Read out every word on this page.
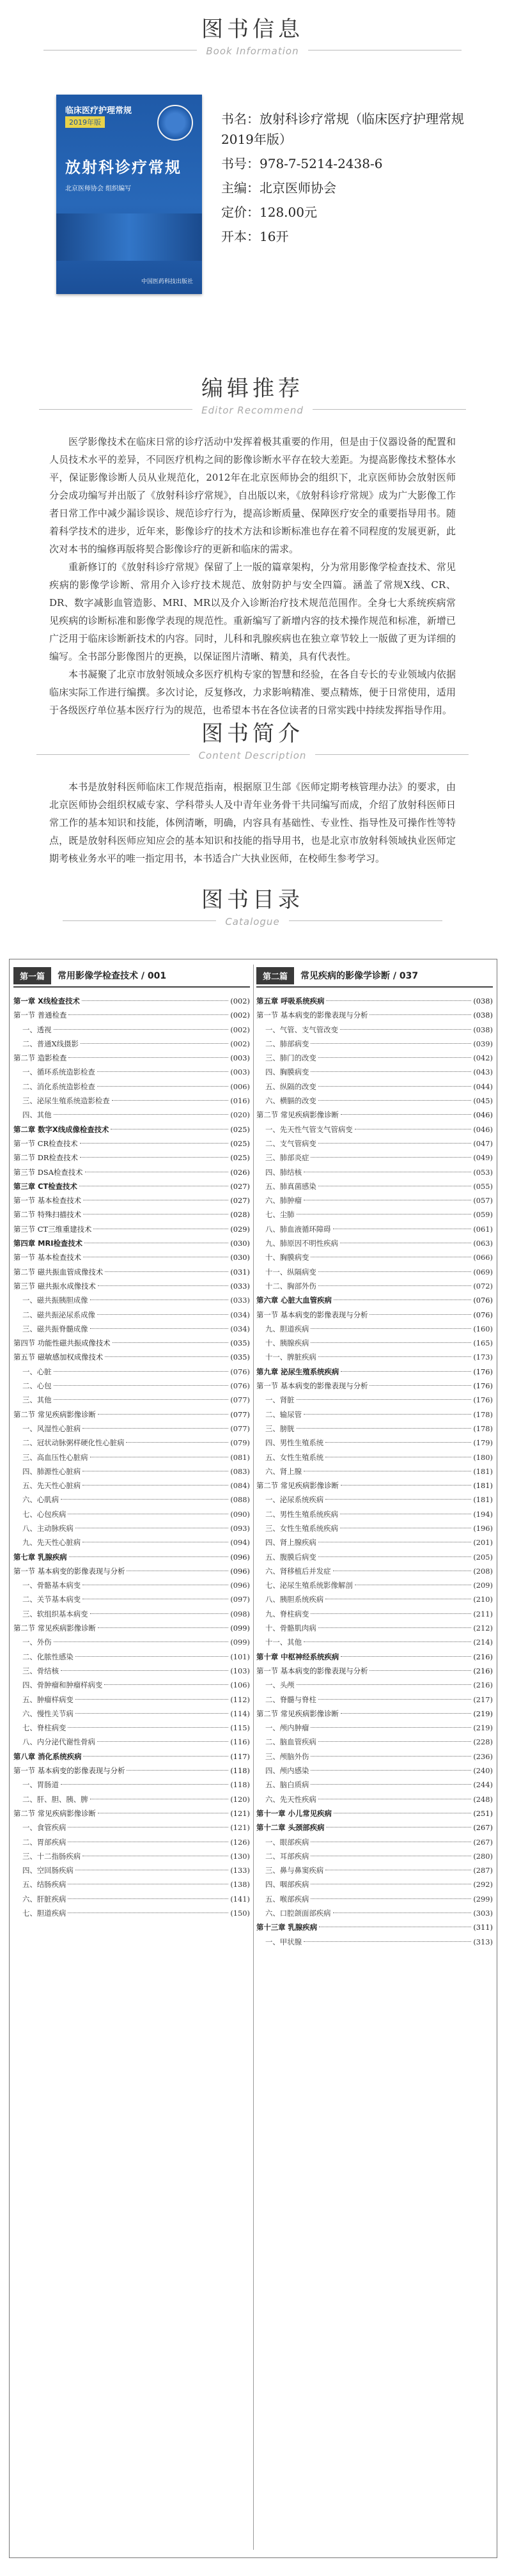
图书信息
Book Information
临床医疗护理常规
2019年版
放射科诊疗常规
北京医师协会 组织编写
中国医药科技出版社
书名：放射科诊疗常规（临床医疗护理常规 2019年版）
书号：978-7-5214-2438-6
主编：北京医师协会
定价：128.00元
开本：16开
编辑推荐
Editor Recommend

医学影像技术在临床日常的诊疗活动中发挥着极其重要的作用，但是由于仪器设备的配置和人员技术水平的差异，不同医疗机构之间的影像诊断水平存在较大差距。为提高影像技术整体水平，保证影像诊断人员从业规范化，2012年在北京医师协会的组织下，北京医师协会放射医师分会成功编写并出版了《放射科诊疗常规》，自出版以来，《放射科诊疗常规》成为广大影像工作者日常工作中减少漏诊误诊、规范诊疗行为，提高诊断质量、保障医疗安全的重要指导用书。随着科学技术的进步，近年来，影像诊疗的技术方法和诊断标准也存在着不同程度的发展更新，此次对本书的编修再版将契合影像诊疗的更新和临床的需求。

重新修订的《放射科诊疗常规》保留了上一版的篇章架构，分为常用影像学检查技术、常见疾病的影像学诊断、常用介入诊疗技术规范、放射防护与安全四篇。涵盖了常规X线、CR、DR、数字减影血管造影、MRI、MR以及介入诊断治疗技术规范范围作。全身七大系统疾病常见疾病的诊断标准和影像学表现的规范性。重新编写了新增内容的技术操作规范和标准，新增已广泛用于临床诊断新技术的内容。同时，儿科和乳腺疾病也在独立章节较上一版做了更为详细的编写。全书部分影像图片的更换，以保证图片清晰、精美，具有代表性。

本书凝聚了北京市放射领域众多医疗机构专家的智慧和经验，在各自专长的专业领域内依据临床实际工作进行编撰。多次讨论，反复修改，力求影响精准、要点精炼，便于日常使用，适用于各级医疗单位基本医疗行为的规范，也希望本书在各位读者的日常实践中持续发挥指导作用。

图书简介
Content Description

本书是放射科医师临床工作规范指南，根据原卫生部《医师定期考核管理办法》的要求，由北京医师协会组织权威专家、学科带头人及中青年业务骨干共同编写而成，介绍了放射科医师日常工作的基本知识和技能，体例清晰，明确，内容具有基础性、专业性、指导性及可操作性等特点，既是放射科医师应知应会的基本知识和技能的指导用书，也是北京市放射科领域执业医师定期考核业务水平的唯一指定用书，本书适合广大执业医师，在校师生参考学习。

图书目录
Catalogue
第一篇	常用影像学检查技术 / 001
第一章 X线检查技术	(002)
第一节 普通检查	(002)
一、透视	(002)
二、普通X线摄影	(002)
第二节 造影检查	(003)
一、循环系统造影检查	(003)
二、消化系统造影检查	(006)
三、泌尿生殖系统造影检查	(016)
四、其他	(020)
第二章 数字X线成像检查技术	(025)
第一节 CR检查技术	(025)
第二节 DR检查技术	(025)
第三节 DSA检查技术	(026)
第三章 CT检查技术	(027)
第一节 基本检查技术	(027)
第二节 特殊扫描技术	(028)
第三节 CT三维重建技术	(029)
第四章 MRI检查技术	(030)
第一节 基本检查技术	(030)
第二节 磁共振血管成像技术	(031)
第三节 磁共振水成像技术	(033)
一、磁共振胰胆成像	(033)
二、磁共振泌尿系成像	(034)
三、磁共振脊髓成像	(034)
第四节 功能性磁共振成像技术	(035)
第五节 磁敏感加权成像技术	(035)
一、心脏	(076)
二、心包	(076)
三、其他	(077)
第二节 常见疾病影像诊断	(077)
一、风湿性心脏病	(077)
二、冠状动脉粥样硬化性心脏病	(079)
三、高血压性心脏病	(081)
四、肺源性心脏病	(083)
五、先天性心脏病	(084)
六、心肌病	(088)
七、心包疾病	(090)
八、主动脉疾病	(093)
九、先天性心脏病	(094)
第七章 乳腺疾病	(096)
第一节 基本病变的影像表现与分析	(096)
一、骨骼基本病变	(096)
二、关节基本病变	(097)
三、软组织基本病变	(098)
第二节 常见疾病影像诊断	(099)
一、外伤	(099)
二、化脓性感染	(101)
三、骨结核	(103)
四、骨肿瘤和肿瘤样病变	(106)
五、肿瘤样病变	(112)
六、慢性关节病	(114)
七、脊柱病变	(115)
八、内分泌代谢性骨病	(116)
第八章 消化系统疾病	(117)
第一节 基本病变的影像表现与分析	(118)
一、胃肠道	(118)
二、肝、胆、胰、脾	(120)
第二节 常见疾病影像诊断	(121)
一、食管疾病	(121)
二、胃部疾病	(126)
三、十二指肠疾病	(130)
四、空回肠疾病	(133)
五、结肠疾病	(138)
六、肝脏疾病	(141)
七、胆道疾病	(150)
第二篇	常见疾病的影像学诊断 / 037
第五章 呼吸系统疾病	(038)
第一节 基本病变的影像表现与分析	(038)
一、气管、支气管改变	(038)
二、肺部病变	(039)
三、肺门的改变	(042)
四、胸膜病变	(043)
五、纵隔的改变	(044)
六、横膈的改变	(045)
第二节 常见疾病影像诊断	(046)
一、先天性气管支气管病变	(046)
二、支气管病变	(047)
三、肺部炎症	(049)
四、肺结核	(053)
五、肺真菌感染	(055)
六、肺肿瘤	(057)
七、尘肺	(059)
八、肺血液循环障碍	(061)
九、肺原因不明性疾病	(063)
十、胸膜病变	(066)
十一、纵隔病变	(069)
十二、胸部外伤	(072)
第六章 心脏大血管疾病	(076)
第一节 基本病变的影像表现与分析	(076)
九、胆道疾病	(160)
十、胰腺疾病	(165)
十一、脾脏疾病	(173)
第九章 泌尿生殖系统疾病	(176)
第一节 基本病变的影像表现与分析	(176)
一、肾脏	(176)
二、输尿管	(178)
三、膀胱	(178)
四、男性生殖系统	(179)
五、女性生殖系统	(180)
六、肾上腺	(181)
第二节 常见疾病影像诊断	(181)
一、泌尿系统疾病	(181)
二、男性生殖系统疾病	(194)
三、女性生殖系统疾病	(196)
四、肾上腺疾病	(201)
五、腹膜后病变	(205)
六、肾移植后并发症	(208)
七、泌尿生殖系统影像解剖	(209)
八、胰胆系统疾病	(210)
九、脊柱病变	(211)
十、骨骼肌肉病	(212)
十一、其他	(214)
第十章 中枢神经系统疾病	(216)
第一节 基本病变的影像表现与分析	(216)
一、头颅	(216)
二、脊髓与脊柱	(217)
第二节 常见疾病影像诊断	(219)
一、颅内肿瘤	(219)
二、脑血管疾病	(228)
三、颅脑外伤	(236)
四、颅内感染	(240)
五、脑白质病	(244)
六、先天性疾病	(248)
第十一章 小儿常见疾病	(251)
第十二章 头颈部疾病	(267)
一、眼部疾病	(267)
二、耳部疾病	(280)
三、鼻与鼻窦疾病	(287)
四、咽部疾病	(292)
五、喉部疾病	(299)
六、口腔颌面部疾病	(303)
第十三章 乳腺疾病	(311)
一、甲状腺	(313)
